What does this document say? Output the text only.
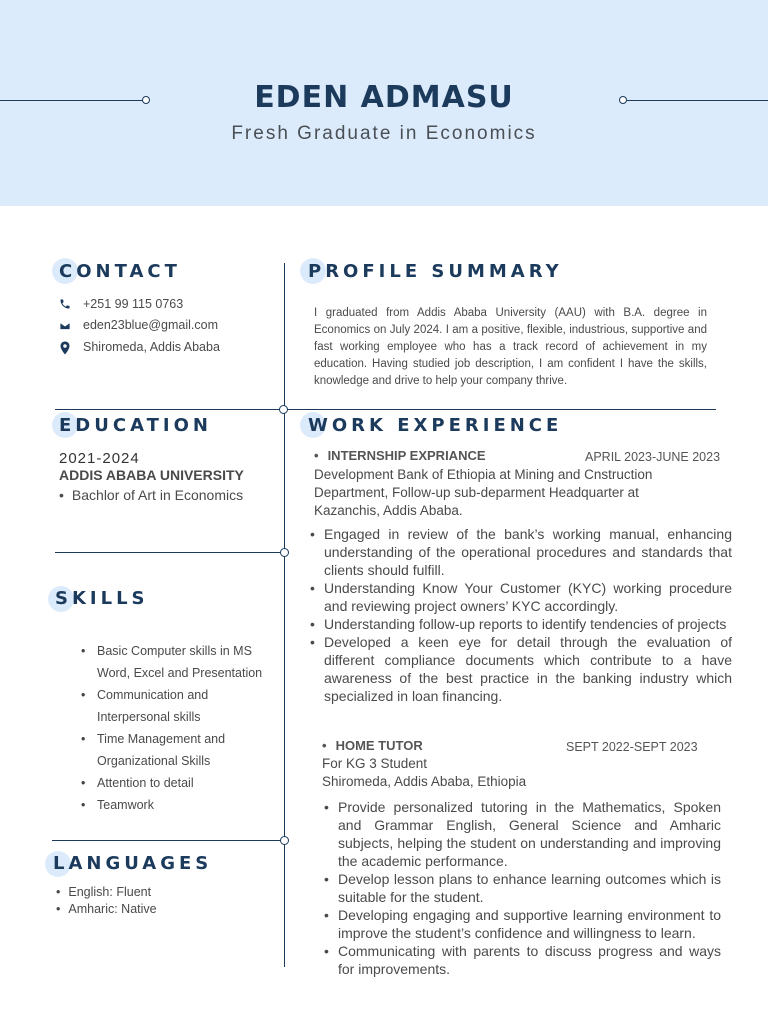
EDEN ADMASU
Fresh Graduate in Economics
CONTACT
+251 99 115 0763
eden23blue@gmail.com
Shiromeda, Addis Ababa
EDUCATION
2021-2024
ADDIS ABABA UNIVERSITY
• Bachlor of Art in Economics
SKILLS
• Basic Computer skills in MS Word, Excel and Presentation
• Communication and Interpersonal skills
• Time Management and Organizational Skills
• Attention to detail
• Teamwork
LANGUAGES
• English: Fluent
• Amharic: Native
PROFILE SUMMARY
I graduated from Addis Ababa University (AAU) with B.A. degree in Economics on July 2024. I am a positive, flexible, industrious, supportive and fast working employee who has a track record of achievement in my education. Having studied job description, I am confident I have the skills, knowledge and drive to help your company thrive.
WORK EXPERIENCE
• INTERNSHIP EXPRIANCE	APRIL 2023-JUNE 2023
Development Bank of Ethiopia at Mining and Cnstruction Department, Follow-up sub-deparment Headquarter at Kazanchis, Addis Ababa.
• Engaged in review of the bank’s working manual, enhancing understanding of the operational procedures and standards that clients should fulfill.
• Understanding Know Your Customer (KYC) working procedure and reviewing project owners’ KYC accordingly.
• Understanding follow-up reports to identify tendencies of projects
• Developed a keen eye for detail through the evaluation of different compliance documents which contribute to a have awareness of the best practice in the banking industry which specialized in loan financing.
• HOME TUTOR	SEPT 2022-SEPT 2023
For KG 3 Student
Shiromeda, Addis Ababa, Ethiopia
• Provide personalized tutoring in the Mathematics, Spoken and Grammar English, General Science and Amharic subjects, helping the student on understanding and improving the academic performance.
• Develop lesson plans to enhance learning outcomes which is suitable for the student.
• Developing engaging and supportive learning environment to improve the student’s confidence and willingness to learn.
• Communicating with parents to discuss progress and ways for improvements.
